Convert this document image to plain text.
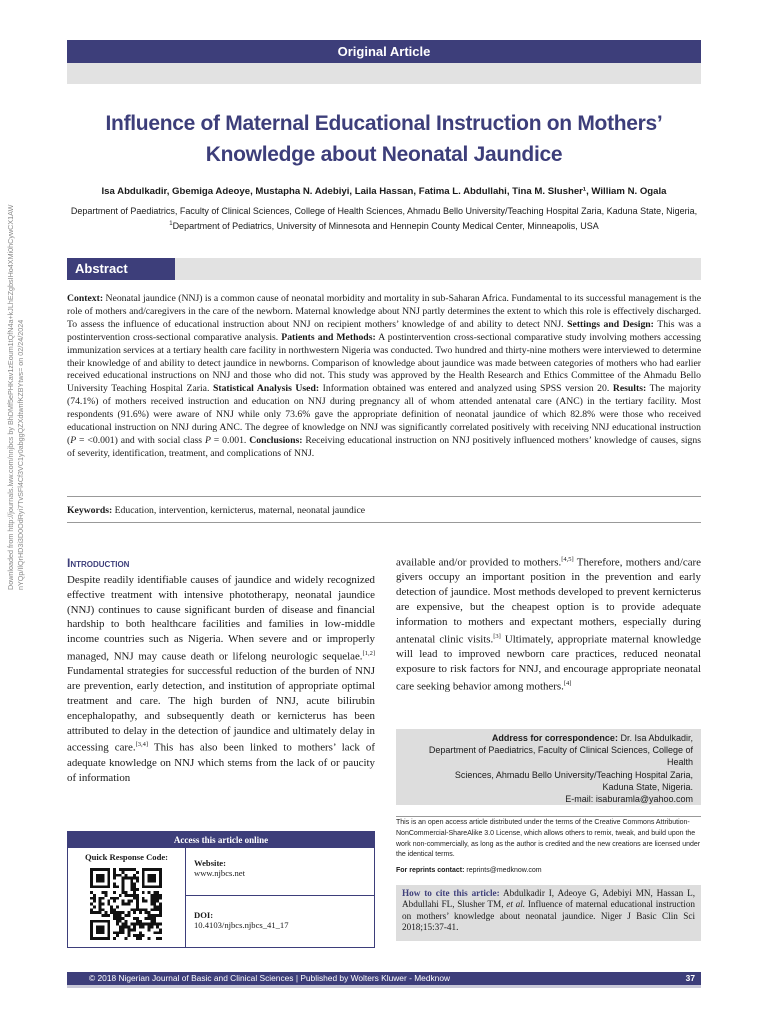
Downloaded from http://journals.lww.com/nnjbcs by BhDMf5ePHKav1zEoum1tQfN4a+kJLhEZgbsIHo4XMi0hCywCX1AW nYQp/IlQrHD3i3D0OdRyi7TvSFl4Cf3VC1y0abggQZXdtwnfKZBYtws= on 02/24/2024
Original Article
Influence of Maternal Educational Instruction on Mothers’ Knowledge about Neonatal Jaundice
Isa Abdulkadir, Gbemiga Adeoye, Mustapha N. Adebiyi, Laila Hassan, Fatima L. Abdullahi, Tina M. Slusher¹, William N. Ogala
Department of Paediatrics, Faculty of Clinical Sciences, College of Health Sciences, Ahmadu Bello University/Teaching Hospital Zaria, Kaduna State, Nigeria,
$^1$Department of Pediatrics, University of Minnesota and Hennepin County Medical Center, Minneapolis, USA
Abstract
Context: Neonatal jaundice (NNJ) is a common cause of neonatal morbidity and mortality in sub-Saharan Africa. Fundamental to its successful management is the role of mothers and/caregivers in the care of the newborn. Maternal knowledge about NNJ partly determines the extent to which this role is effectively discharged. To assess the influence of educational instruction about NNJ on recipient mothers’ knowledge of and ability to detect NNJ. Settings and Design: This was a postintervention cross-sectional comparative analysis. Patients and Methods: A postintervention cross-sectional comparative study involving mothers accessing immunization services at a tertiary health care facility in northwestern Nigeria was conducted. Two hundred and thirty-nine mothers were interviewed to determine their knowledge of and ability to detect jaundice in newborns. Comparison of knowledge about jaundice was made between categories of mothers who had earlier received educational instructions on NNJ and those who did not. This study was approved by the Health Research and Ethics Committee of the Ahmadu Bello University Teaching Hospital Zaria. Statistical Analysis Used: Information obtained was entered and analyzed using SPSS version 20. Results: The majority (74.1%) of mothers received instruction and education on NNJ during pregnancy all of whom attended antenatal care (ANC) in the tertiary facility. Most respondents (91.6%) were aware of NNJ while only 73.6% gave the appropriate definition of neonatal jaundice of which 82.8% were those who received educational instruction on NNJ during ANC. The degree of knowledge on NNJ was significantly correlated positively with receiving NNJ educational instruction (P = <0.001) and with social class P = 0.001. Conclusions: Receiving educational instruction on NNJ positively influenced mothers’ knowledge of causes, signs of severity, identification, treatment, and complications of NNJ.
Keywords: Education, intervention, kernicterus, maternal, neonatal jaundice
Introduction

Despite readily identifiable causes of jaundice and widely recognized effective treatment with intensive phototherapy, neonatal jaundice (NNJ) continues to cause significant burden of disease and financial hardship to both healthcare facilities and families in low-middle income countries such as Nigeria. When severe and or improperly managed, NNJ may cause death or lifelong neurologic sequelae.[1,2] Fundamental strategies for successful reduction of the burden of NNJ are prevention, early detection, and institution of appropriate optimal treatment and care. The high burden of NNJ, acute bilirubin encephalopathy, and subsequently death or kernicterus has been attributed to delay in the detection of jaundice and ultimately delay in accessing care.[3,4] This has also been linked to mothers’ lack of adequate knowledge on NNJ which stems from the lack of or paucity of information

available and/or provided to mothers.[4,5] Therefore, mothers and/care givers occupy an important position in the prevention and early detection of jaundice. Most methods developed to prevent kernicterus are expensive, but the cheapest option is to provide adequate information to mothers and expectant mothers, especially during antenatal clinic visits.[3] Ultimately, appropriate maternal knowledge will lead to improved newborn care practices, reduced neonatal exposure to risk factors for NNJ, and encourage appropriate neonatal care seeking behavior among mothers.[4]

Address for correspondence: Dr. Isa Abdulkadir,
Department of Paediatrics, Faculty of Clinical Sciences, College of Health
Sciences, Ahmadu Bello University/Teaching Hospital Zaria,
Kaduna State, Nigeria.
E-mail: isaburamla@yahoo.com
This is an open access article distributed under the terms of the Creative Commons Attribution-NonCommercial-ShareAlike 3.0 License, which allows others to remix, tweak, and build upon the work non-commercially, as long as the author is credited and the new creations are licensed under the identical terms.
For reprints contact: reprints@medknow.com
How to cite this article: Abdulkadir I, Adeoye G, Adebiyi MN, Hassan L, Abdullahi FL, Slusher TM, et al. Influence of maternal educational instruction on mothers’ knowledge about neonatal jaundice. Niger J Basic Clin Sci 2018;15:37-41.
Access this article online
Quick Response Code:
Website:
www.njbcs.net
DOI:
10.4103/njbcs.njbcs_41_17
© 2018 Nigerian Journal of Basic and Clinical Sciences | Published by Wolters Kluwer - Medknow	37
